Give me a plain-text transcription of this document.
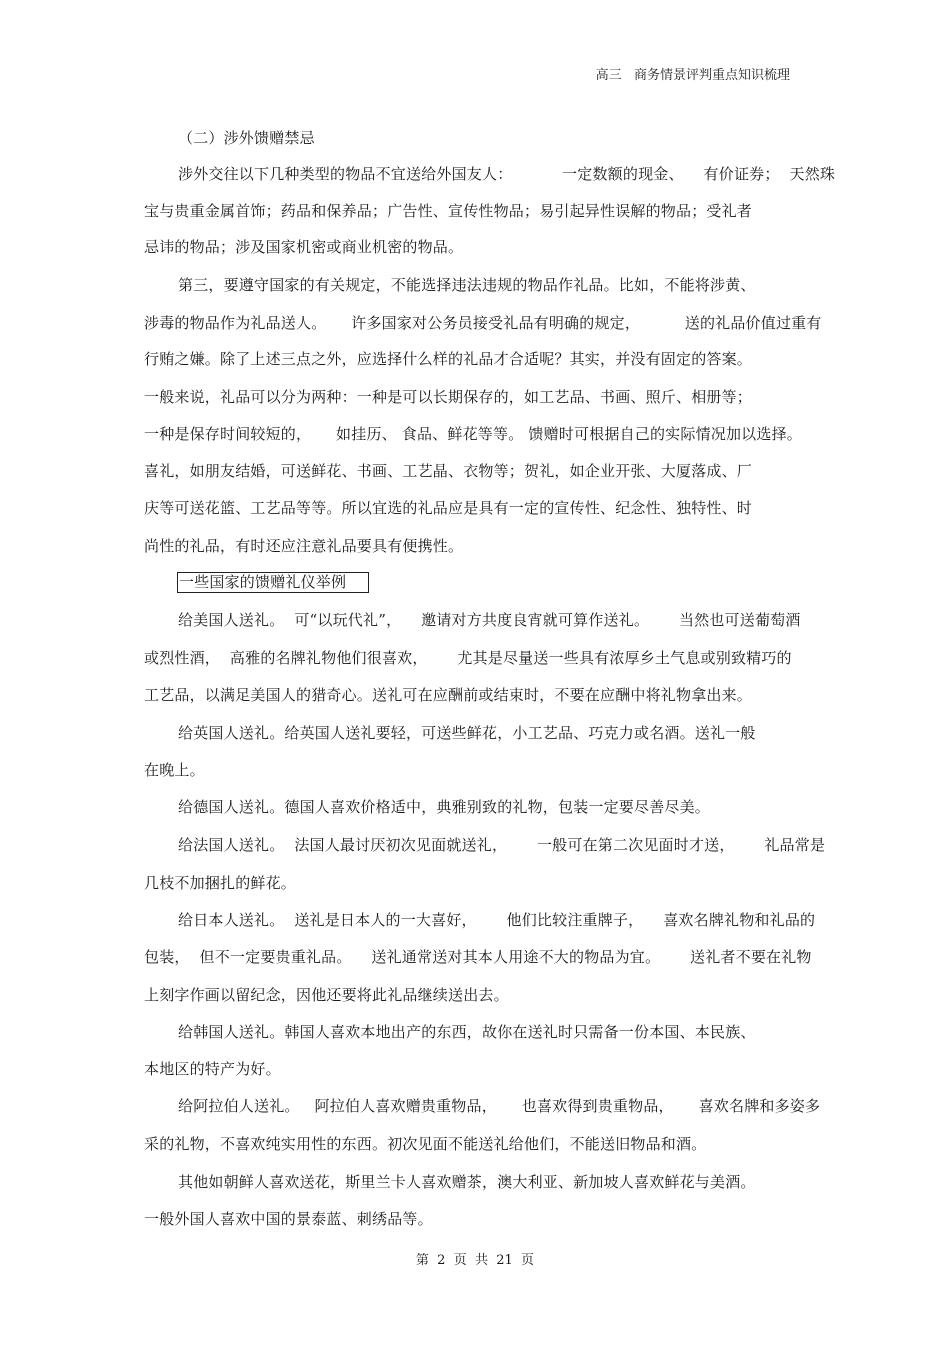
高三   商务情景评判重点知识梳理
（二）涉外馈赠禁忌
涉外交往以下几种类型的物品不宜送给外国友人：          一定数额的现金、    有价证券；  天然珠
宝与贵重金属首饰；药品和保养品；广告性、宣传性物品；易引起异性误解的物品；受礼者
忌讳的物品；涉及国家机密或商业机密的物品。
第三，要遵守国家的有关规定，不能选择违法违规的物品作礼品。比如，不能将涉黄、
涉毒的物品作为礼品送人。     许多国家对公务员接受礼品有明确的规定，         送的礼品价值过重有
行贿之嫌。除了上述三点之外，应选择什么样的礼品才合适呢？其实，并没有固定的答案。
一般来说，礼品可以分为两种：一种是可以长期保存的，如工艺品、书画、照斤、相册等；
一种是保存时间较短的，     如挂历、 食品、鲜花等等。 馈赠时可根据自己的实际情况加以选择。
喜礼，如朋友结婚，可送鲜花、书画、工艺晶、衣物等；贺礼，如企业开张、大厦落成、厂
庆等可送花篮、工艺品等等。所以宜选的礼品应是具有一定的宣传性、纪念性、独特性、时
尚性的礼品，有时还应注意礼品要具有便携性。
一些国家的馈赠礼仪举例
给美国人送礼。  可“以玩代礼”，    邀请对方共度良宵就可算作送礼。      当然也可送葡萄酒
或烈性酒，  高雅的名牌礼物他们很喜欢，      尤其是尽量送一些具有浓厚乡土气息或别致精巧的
工艺品，以满足美国人的猎奇心。送礼可在应酬前或结束时，不要在应酬中将礼物拿出来。
给英国人送礼。给英国人送礼要轻，可送些鲜花，小工艺品、巧克力或名酒。送礼一般
在晚上。
给德国人送礼。德国人喜欢价格适中，典雅别致的礼物，包装一定要尽善尽美。
给法国人送礼。  法国人最讨厌初次见面就送礼，      一般可在第二次见面时才送，      礼品常是
几枝不加捆扎的鲜花。
给日本人送礼。  送礼是日本人的一大喜好，      他们比较注重牌子，    喜欢名牌礼物和礼品的
包装，  但不一定要贵重礼品。    送礼通常送对其本人用途不大的物品为宜。      送礼者不要在礼物
上刻字作画以留纪念，因他还要将此礼品继续送出去。
给韩国人送礼。韩国人喜欢本地出产的东西，故你在送礼时只需备一份本国、本民族、
本地区的特产为好。
给阿拉伯人送礼。   阿拉伯人喜欢赠贵重物品，     也喜欢得到贵重物品，     喜欢名牌和多姿多
采的礼物，不喜欢纯实用性的东西。初次见面不能送礼给他们，不能送旧物品和酒。
其他如朝鲜人喜欢送花，斯里兰卡人喜欢赠茶，澳大利亚、新加坡人喜欢鲜花与美酒。
一般外国人喜欢中国的景泰蓝、刺绣品等。
第  2  页  共  21  页
